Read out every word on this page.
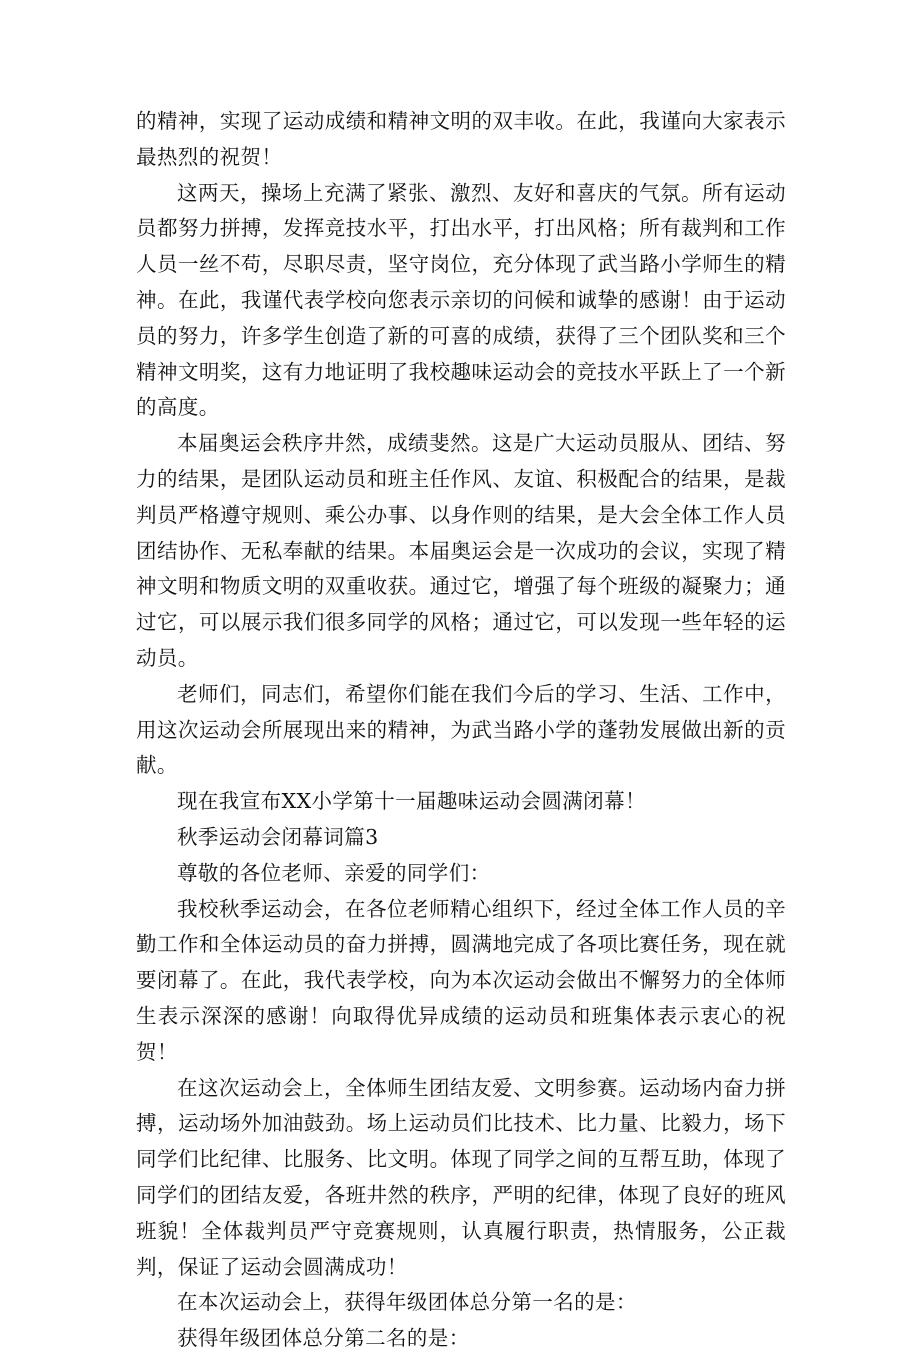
的精神，实现了运动成绩和精神文明的双丰收。在此，我谨向大家表示最热烈的祝贺！

这两天，操场上充满了紧张、激烈、友好和喜庆的气氛。所有运动员都努力拼搏，发挥竞技水平，打出水平，打出风格；所有裁判和工作人员一丝不苟，尽职尽责，坚守岗位，充分体现了武当路小学师生的精神。在此，我谨代表学校向您表示亲切的问候和诚挚的感谢！由于运动员的努力，许多学生创造了新的可喜的成绩，获得了三个团队奖和三个精神文明奖，这有力地证明了我校趣味运动会的竞技水平跃上了一个新的高度。

本届奥运会秩序井然，成绩斐然。这是广大运动员服从、团结、努力的结果，是团队运动员和班主任作风、友谊、积极配合的结果，是裁判员严格遵守规则、乘公办事、以身作则的结果，是大会全体工作人员团结协作、无私奉献的结果。本届奥运会是一次成功的会议，实现了精神文明和物质文明的双重收获。通过它，增强了每个班级的凝聚力；通过它，可以展示我们很多同学的风格；通过它，可以发现一些年轻的运动员。

老师们，同志们，希望你们能在我们今后的学习、生活、工作中，用这次运动会所展现出来的精神，为武当路小学的蓬勃发展做出新的贡献。

现在我宣布XX小学第十一届趣味运动会圆满闭幕！

秋季运动会闭幕词篇3

尊敬的各位老师、亲爱的同学们：

我校秋季运动会，在各位老师精心组织下，经过全体工作人员的辛勤工作和全体运动员的奋力拼搏，圆满地完成了各项比赛任务，现在就要闭幕了。在此，我代表学校，向为本次运动会做出不懈努力的全体师生表示深深的感谢！向取得优异成绩的运动员和班集体表示衷心的祝贺！

在这次运动会上，全体师生团结友爱、文明参赛。运动场内奋力拼搏，运动场外加油鼓劲。场上运动员们比技术、比力量、比毅力，场下同学们比纪律、比服务、比文明。体现了同学之间的互帮互助，体现了同学们的团结友爱，各班井然的秩序，严明的纪律，体现了良好的班风班貌！全体裁判员严守竞赛规则，认真履行职责，热情服务，公正裁判，保证了运动会圆满成功！

在本次运动会上，获得年级团体总分第一名的是：

获得年级团体总分第二名的是：
